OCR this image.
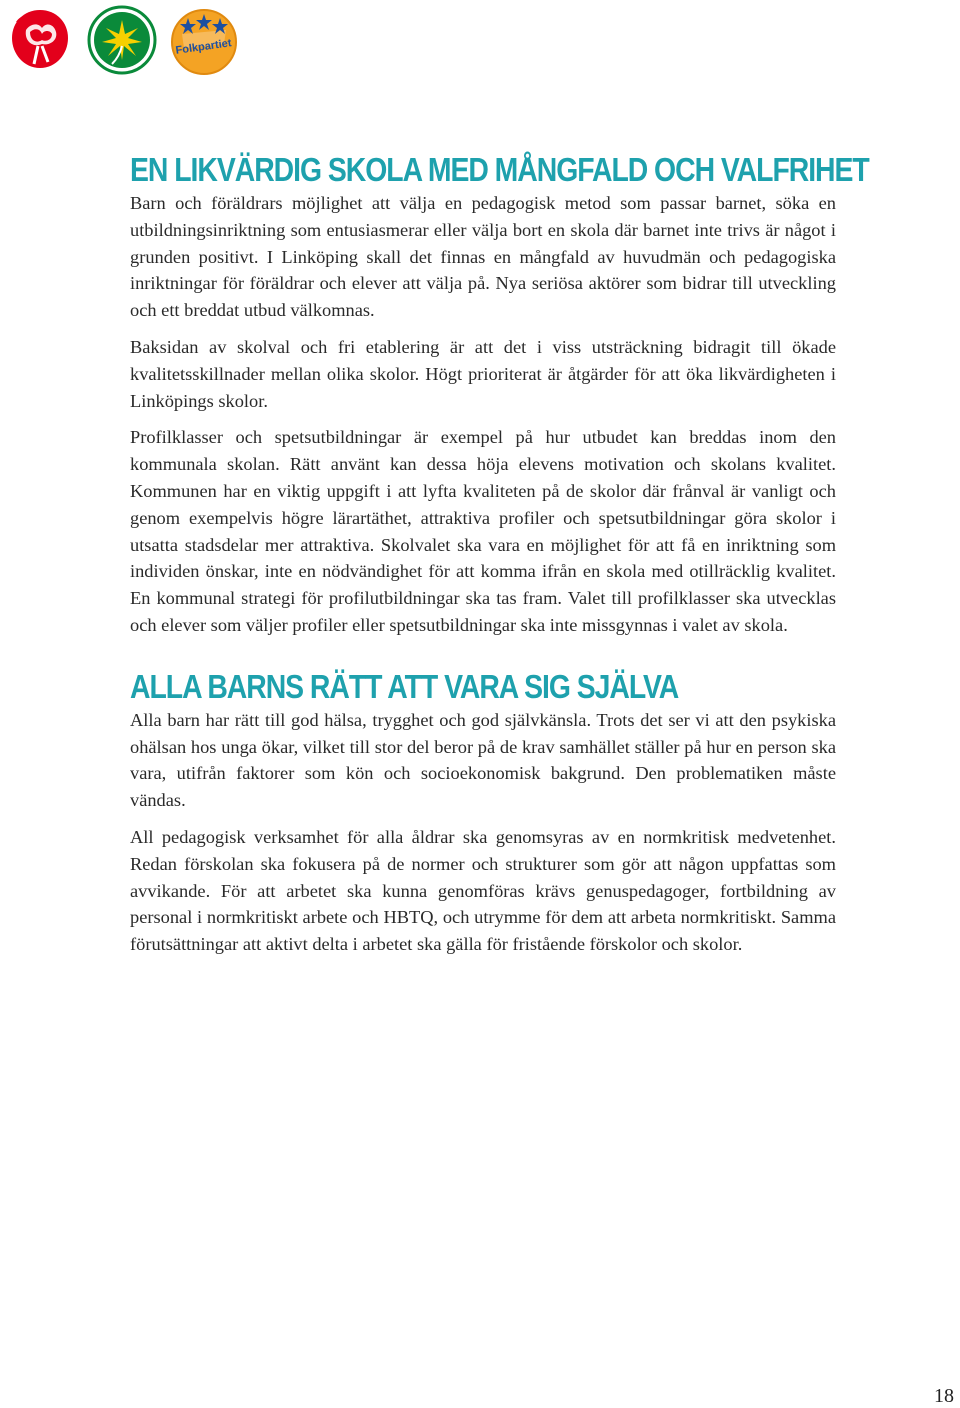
Folkpartiet
EN LIKVÄRDIG SKOLA MED MÅNGFALD OCH VALFRIHET

Barn och föräldrars möjlighet att välja en pedagogisk metod som passar barnet, söka en utbildningsinriktning som entusiasmerar eller välja bort en skola där barnet inte trivs är något i grunden positivt. I Linköping skall det finnas en mångfald av huvudmän och pedagogiska inriktningar för föräldrar och elever att välja på. Nya seriösa aktörer som bidrar till utveckling och ett breddat utbud välkomnas.

Baksidan av skolval och fri etablering är att det i viss utsträckning bidragit till ökade kvalitetsskillnader mellan olika skolor. Högt prioriterat är åtgärder för att öka likvärdigheten i Linköpings skolor.

Profilklasser och spetsutbildningar är exempel på hur utbudet kan breddas inom den kommunala skolan. Rätt använt kan dessa höja elevens motivation och skolans kvalitet. Kommunen har en viktig uppgift i att lyfta kvaliteten på de skolor där frånval är vanligt och genom exempelvis högre lärartäthet, attraktiva profiler och spetsutbildningar göra skolor i utsatta stadsdelar mer attraktiva. Skolvalet ska vara en möjlighet för att få en inriktning som individen önskar, inte en nödvändighet för att komma ifrån en skola med otillräcklig kvalitet. En kommunal strategi för profilutbildningar ska tas fram. Valet till profilklasser ska utvecklas och elever som väljer profiler eller spetsutbildningar ska inte missgynnas i valet av skola.

ALLA BARNS RÄTT ATT VARA SIG SJÄLVA

Alla barn har rätt till god hälsa, trygghet och god självkänsla. Trots det ser vi att den psykiska ohälsan hos unga ökar, vilket till stor del beror på de krav samhället ställer på hur en person ska vara, utifrån faktorer som kön och socioekonomisk bakgrund. Den problematiken måste vändas.

All pedagogisk verksamhet för alla åldrar ska genomsyras av en normkritisk medvetenhet. Redan förskolan ska fokusera på de normer och strukturer som gör att någon uppfattas som avvikande. För att arbetet ska kunna genomföras krävs genuspedagoger, fortbildning av personal i normkritiskt arbete och HBTQ, och utrymme för dem att arbeta normkritiskt. Samma förutsättningar att aktivt delta i arbetet ska gälla för fristående förskolor och skolor.

18
